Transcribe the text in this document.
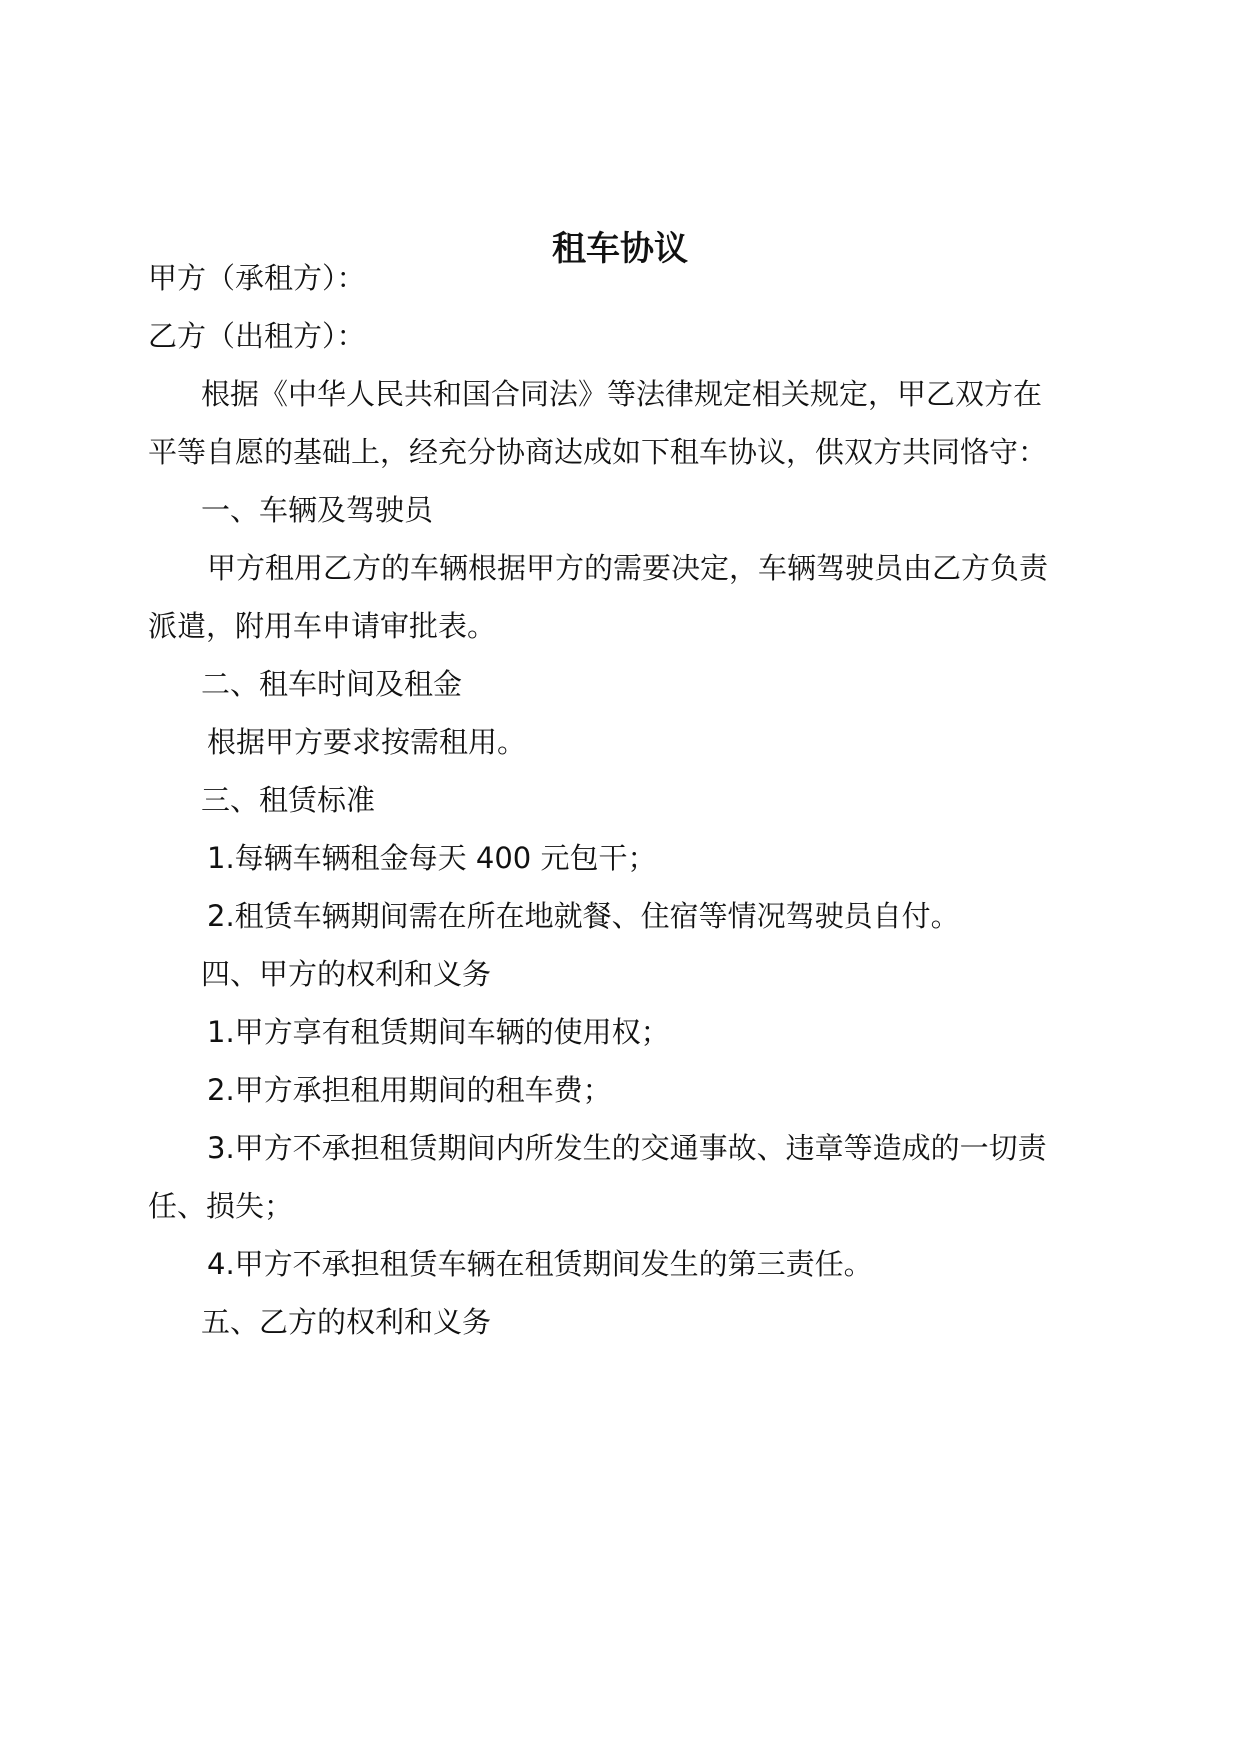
租车协议
甲方（承租方）：
乙方（出租方）：
根据《中华人民共和国合同法》等法律规定相关规定，甲乙双方在
平等自愿的基础上，经充分协商达成如下租车协议，供双方共同恪守：
一、车辆及驾驶员
甲方租用乙方的车辆根据甲方的需要决定，车辆驾驶员由乙方负责
派遣，附用车申请审批表。
二、租车时间及租金
根据甲方要求按需租用。
三、租赁标准
1.每辆车辆租金每天 400 元包干；
2.租赁车辆期间需在所在地就餐、住宿等情况驾驶员自付。
四、甲方的权利和义务
1.甲方享有租赁期间车辆的使用权；
2.甲方承担租用期间的租车费；
3.甲方不承担租赁期间内所发生的交通事故、违章等造成的一切责
任、损失；
4.甲方不承担租赁车辆在租赁期间发生的第三责任。
五、乙方的权利和义务
